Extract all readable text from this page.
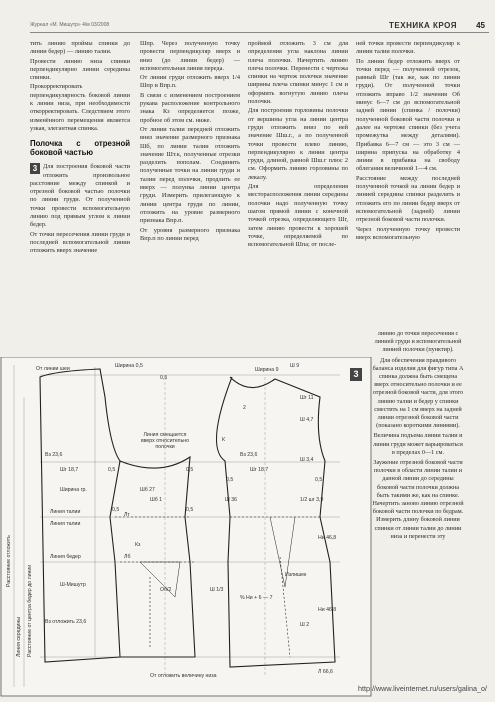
Журнал «М. Мишутр» 4/м 03/2008	ТЕХНИКА КРОЯ 45

тить линию проймы спинки до линии бедер) — линию талии.

Провести линию низа спинки перпендикулярно линии середины спинки.

Прокорректировать перпендикулярность боковой линии к линии низа, при необходимости откорректировать. Следствием этого изменённого перемещения является узкая, элегантная спинка.

Полочка с отрезной боковой частью

3 Для построения боковой части отложить произвольное расстояние между спинкой и отрезной боковой частью полочки по линии груди. От полученной точки провести вспомогательную линию под прямым углом к линии бедер.

От точки пересечения линии груди и последней вспомогательной линии отложить вверх значение

Шпр. Через полученную точку провести перпендикуляр вверх и вниз (до линии бедер) — вспомогательная линия переда.

От линии груди отложить вверх 1/4 Шпр и Впр.п.

В связи с изменением построением рукава расположение контрольного знака Кз определяется позже, пробное об этом см. ниже.

От линии талии передней отложить вниз значение размерного признака Шб, по линии талии отложить значение Шт.к, полученные отрезки разделить пополам. Соединить полученные точки на линии груди и талии перед полочки, продлить ее вверх — полунка линии центра груди. Измерить прилегающую к линии центра груди по линии, отложить на уровне размерного признака Впр.п.

От уровня размерного признака Впр.п по линии перед

проймой отложить 3 см для определения угла наклона линии плеча полочки. Начертить линию плеча полочки. Перенести с чертежа спинки на чертеж полочки значение ширины плеча спинки минус 1 см и оформить вогнутую линию плеча полочки.

Для построения горловины полочки от вершины угла на линии центра груди отложить вниз по ней значение Шш.г., а по полученной точки провести влево линию, перпендикулярно к линии центра груди, длиной, равной Шш.г плюс 2 см. Оформить линию горловины по лекалу.

Для определения месторасположения линии середины полочки надо полученную точку шагом прямой линии с конечной точкой отрезка, определяющего Шг, затем линию провести к хорошей точке, определяемой по вспомогательной Шпа; от после-

ней точки провести перпендикуляр к линии талии полочки.

По линии бедер отложить вверх от точки перед — полученной отрезок, равный Шг (так же, как по линии груди). От полученной точки отложить вправо 1/2 значения Об минус 6—7 см до вспомогательной задней линии (спинка / полочки) полученной боковой части полочки и далее на чертеже спинки (без учета промежутка между деталями). Прибавка 6—7 см — это 3 см — ширина припуска на обработку 4 линии в прибавка на свободу облегания величиной 1—4 см.

Расстояние между последней полученной точкой на линии бедер и линией середины спинки разделить и отложить его по линии бедер вверх от вспомогательной (задней) линии отрезной боковой части полочки.

Через полученную точку провести вверх вспомогательную

линию до точки пересечения с линией груди и вспомогательной линией полочки (пунктир).

Для обеспечения правдивого баланса изделия для фигур типа А спинка должна быть смещена вверх относительно полочки и ее отрезной боковой части, для этого линию талии и бедер у спинки сместить на 1 см вверх на задней линии отрезной боковой части (показано короткими линиями).

Величина подъема линии талии и линии груди может варьироваться в пределах 0—1 см.

Заужение отрезной боковой части полочки в области линии талии и данной линии до середины боковой части полочки должна быть такими же, как на спинке. Начертить заново линию отрезной боковой части полочки по бедрам. Измерить длину боковой линии спинки от линии талии до линии низа и перенести эту

3
От линии шеи	Ширина 0,5
Ширина 9
0,5
Шг 11
Ш 4,7
2
К
Вз 23,6	Вз 23,6
Шг 18,7	Шг 18,7
0,5	0,5
0,5	0,5
0,5	0,5
Ш 3,4
Шб 27
Шб 1	1/2 шг 3,9
Ш 36
Ширина гр.
Линия смещается вверх относительно полочки
Линия талии
Линия талии
Лт
Лб
Линия бедер
Ш-Мишутр
Вз отложить 23,6
Кз
Излишек
Об/2	Ш 1/3
% Ни + 6 — 7
Ни 46,8
Ни 46,8
Ш 2
Л 66,6
От отложить величину низа
Ш 9
Расстояние отложить
Линия середины Расстояние от центра бедер до линии
http://www.liveinternet.ru/users/galina_o/
